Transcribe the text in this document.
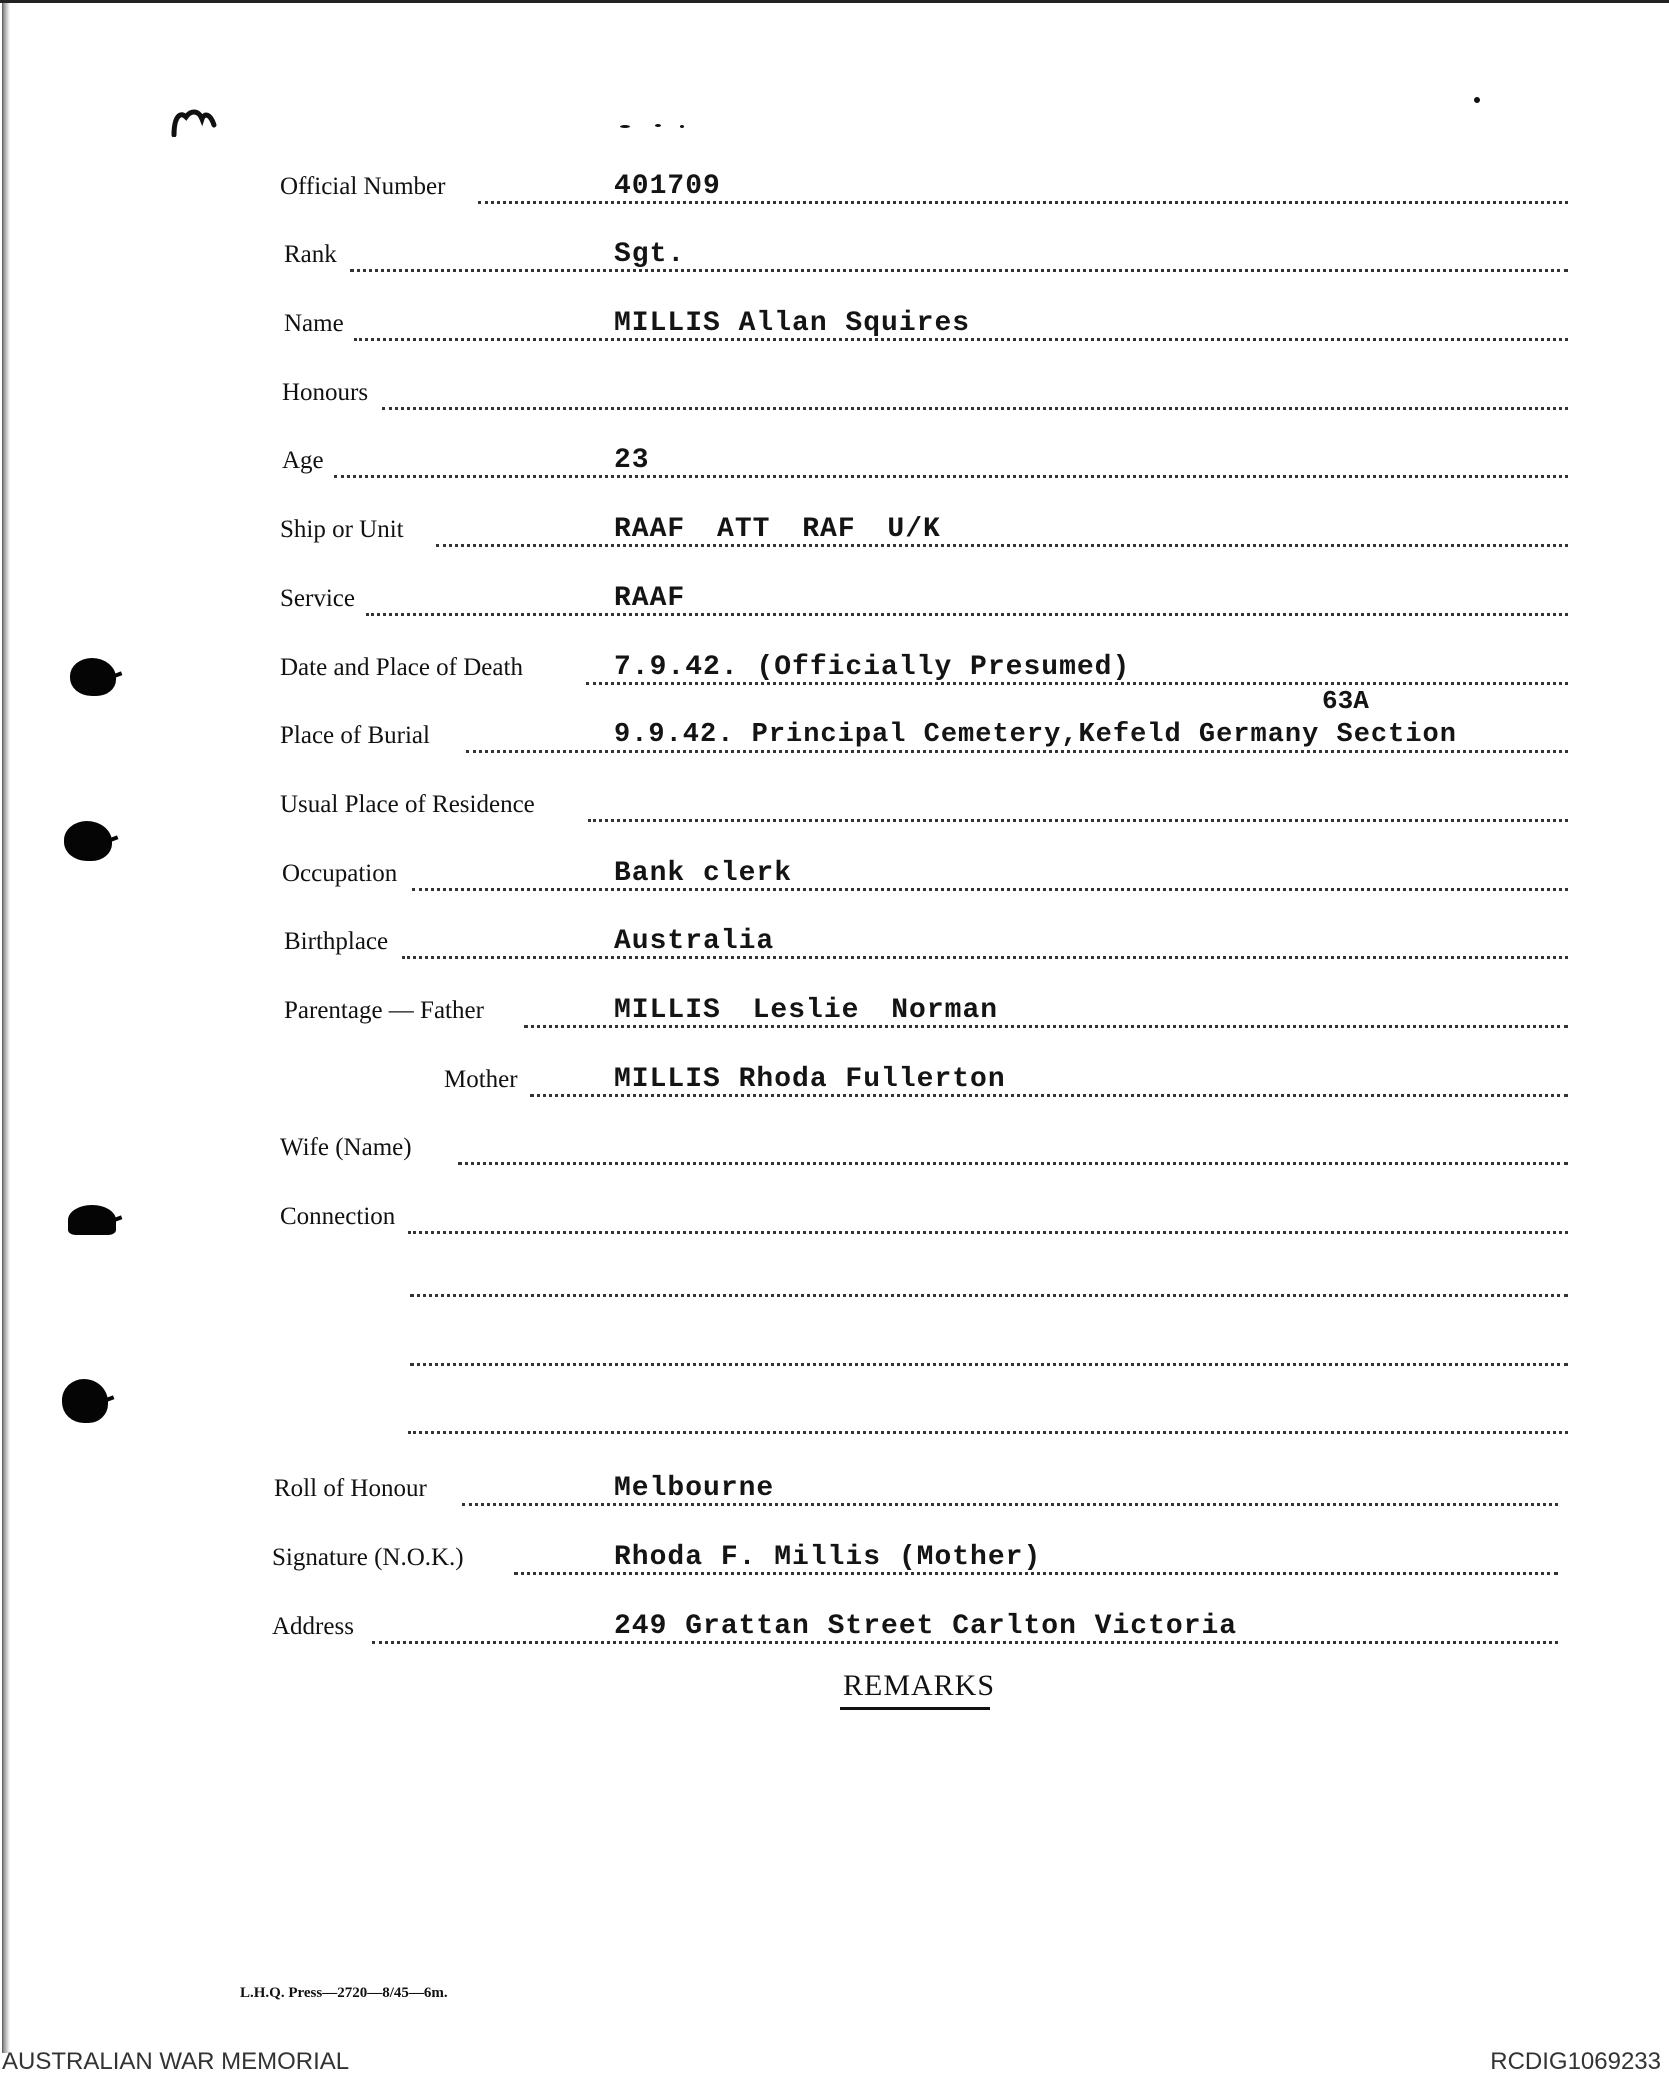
Official Number	401709
Rank	Sgt.
Name	MILLIS Allan Squires
Honours
Age	23
Ship or Unit	RAAF ATT RAF U/K
Service	RAAF
Date and Place of Death	7.9.42. (Officially Presumed)
Place of Burial	9.9.42. Principal Cemetery,Kefeld Germany Section
63A
Usual Place of Residence
Occupation	Bank clerk
Birthplace	Australia
Parentage — Father	MILLIS Leslie Norman
Mother	MILLIS Rhoda Fullerton
Wife (Name)
Connection
Roll of Honour	Melbourne
Signature (N.O.K.)	Rhoda F. Millis (Mother)
Address	249 Grattan Street Carlton Victoria
REMARKS
L.H.Q. Press—2720—8/45—6m.
AUSTRALIAN WAR MEMORIAL	RCDIG1069233
